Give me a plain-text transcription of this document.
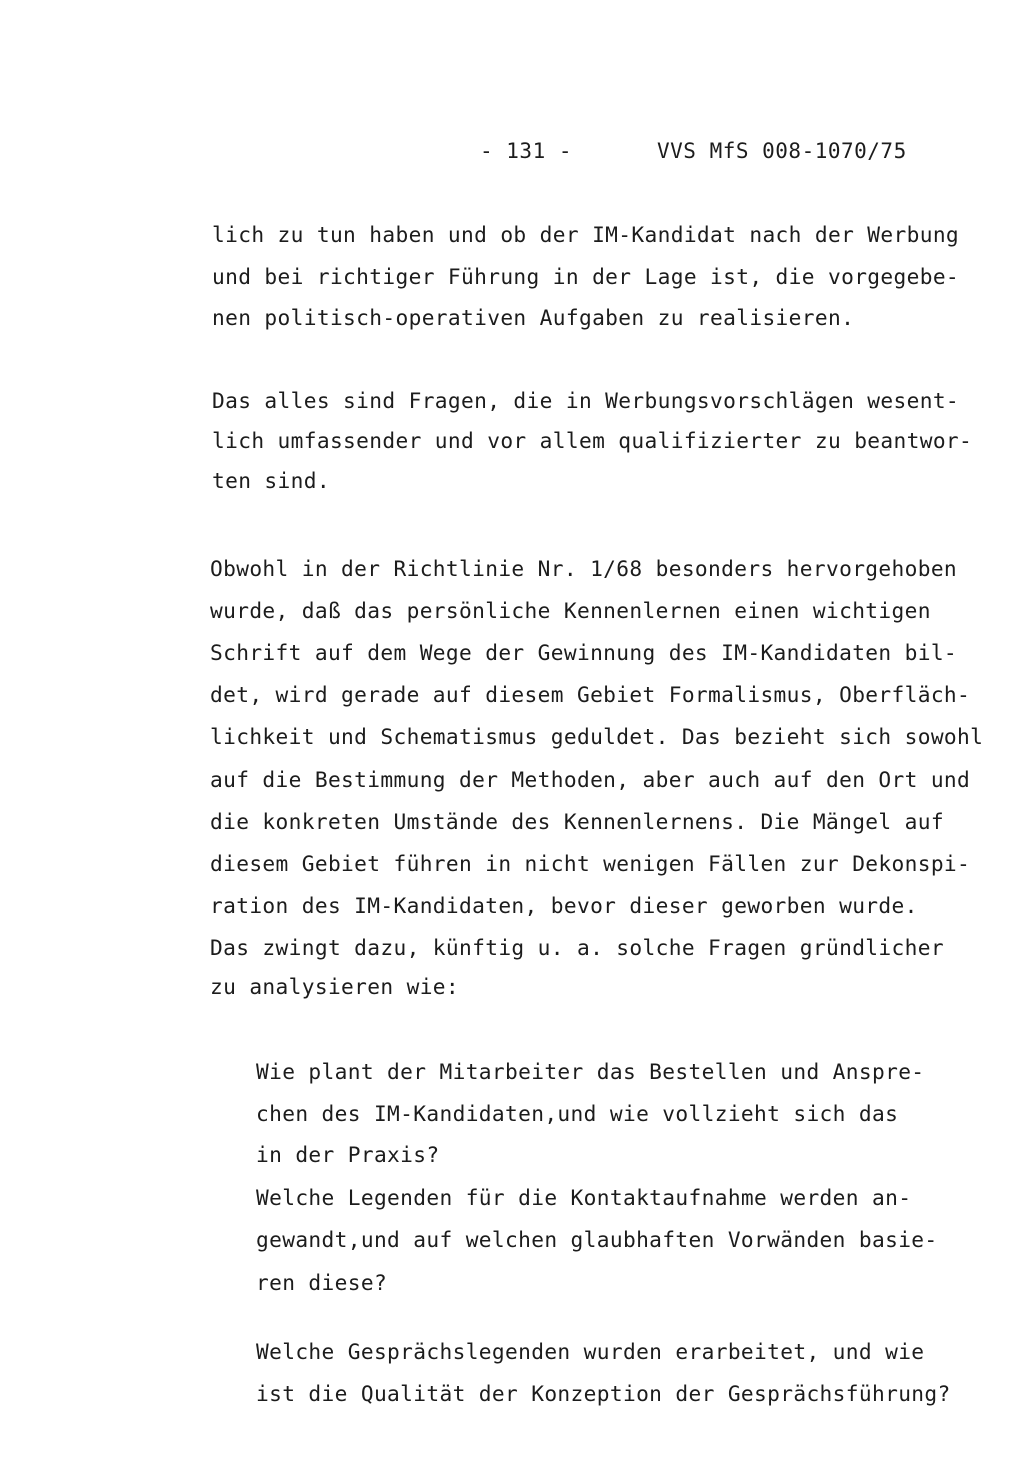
- 131 -

	VVS MfS 008-1070/75

lich zu tun haben und ob der IM-Kandidat nach der Werbung
und bei richtiger Führung in der Lage ist, die vorgegebe-
nen politisch-operativen Aufgaben zu realisieren.
Das alles sind Fragen, die in Werbungsvorschlägen wesent-
lich umfassender und vor allem qualifizierter zu beantwor-
ten sind.
Obwohl in der Richtlinie Nr. 1/68 besonders hervorgehoben
wurde, daß das persönliche Kennenlernen einen wichtigen
Schrift auf dem Wege der Gewinnung des IM-Kandidaten bil-
det, wird gerade auf diesem Gebiet Formalismus, Oberfläch-
lichkeit und Schematismus geduldet. Das bezieht sich sowohl
auf die Bestimmung der Methoden, aber auch auf den Ort und
die konkreten Umstände des Kennenlernens. Die Mängel auf
diesem Gebiet führen in nicht wenigen Fällen zur Dekonspi-
ration des IM-Kandidaten, bevor dieser geworben wurde.
Das zwingt dazu, künftig u. a. solche Fragen gründlicher
zu analysieren wie:
Wie plant der Mitarbeiter das Bestellen und Anspre-
chen des IM-Kandidaten,und wie vollzieht sich das
in der Praxis?
Welche Legenden für die Kontaktaufnahme werden an-
gewandt,und auf welchen glaubhaften Vorwänden basie-
ren diese?
Welche Gesprächslegenden wurden erarbeitet, und wie
ist die Qualität der Konzeption der Gesprächsführung?
